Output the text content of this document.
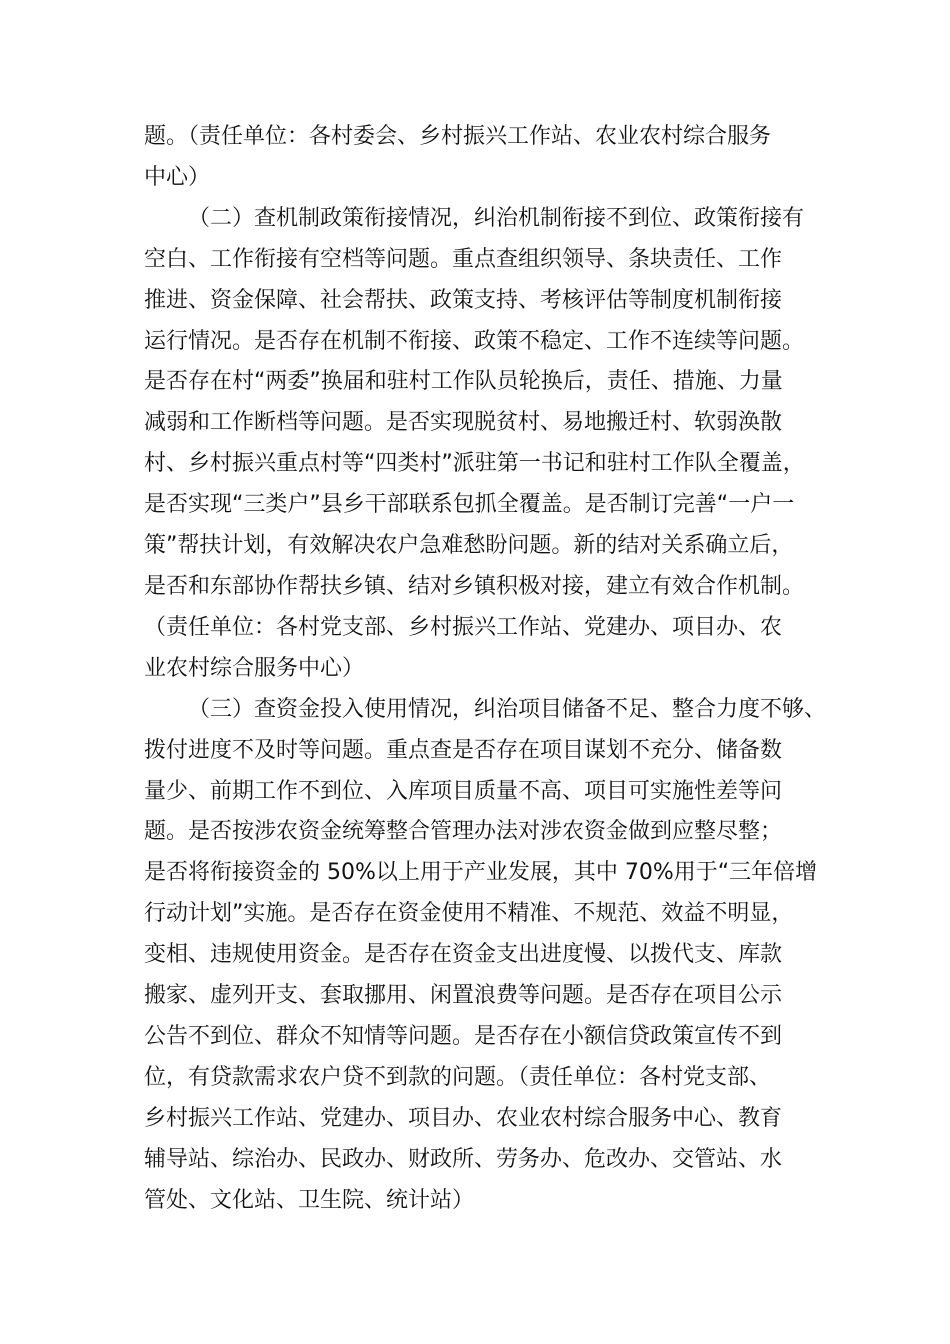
题。（责任单位：各村委会、乡村振兴工作站、农业农村综合服务
中心）

（二）查机制政策衔接情况，纠治机制衔接不到位、政策衔接有
空白、工作衔接有空档等问题。重点查组织领导、条块责任、工作
推进、资金保障、社会帮扶、政策支持、考核评估等制度机制衔接
运行情况。是否存在机制不衔接、政策不稳定、工作不连续等问题。
是否存在村“两委”换届和驻村工作队员轮换后，责任、措施、力量
减弱和工作断档等问题。是否实现脱贫村、易地搬迁村、软弱涣散
村、乡村振兴重点村等“四类村”派驻第一书记和驻村工作队全覆盖，
是否实现“三类户”县乡干部联系包抓全覆盖。是否制订完善“一户一
策”帮扶计划，有效解决农户急难愁盼问题。新的结对关系确立后，
是否和东部协作帮扶乡镇、结对乡镇积极对接，建立有效合作机制。
（责任单位：各村党支部、乡村振兴工作站、党建办、项目办、农
业农村综合服务中心）

（三）查资金投入使用情况，纠治项目储备不足、整合力度不够、
拨付进度不及时等问题。重点查是否存在项目谋划不充分、储备数
量少、前期工作不到位、入库项目质量不高、项目可实施性差等问
题。是否按涉农资金统筹整合管理办法对涉农资金做到应整尽整；
是否将衔接资金的 50%以上用于产业发展，其中 70%用于“三年倍增
行动计划”实施。是否存在资金使用不精准、不规范、效益不明显，
变相、违规使用资金。是否存在资金支出进度慢、以拨代支、库款
搬家、虚列开支、套取挪用、闲置浪费等问题。是否存在项目公示
公告不到位、群众不知情等问题。是否存在小额信贷政策宣传不到
位，有贷款需求农户贷不到款的问题。（责任单位：各村党支部、
乡村振兴工作站、党建办、项目办、农业农村综合服务中心、教育
辅导站、综治办、民政办、财政所、劳务办、危改办、交管站、水
管处、文化站、卫生院、统计站）
